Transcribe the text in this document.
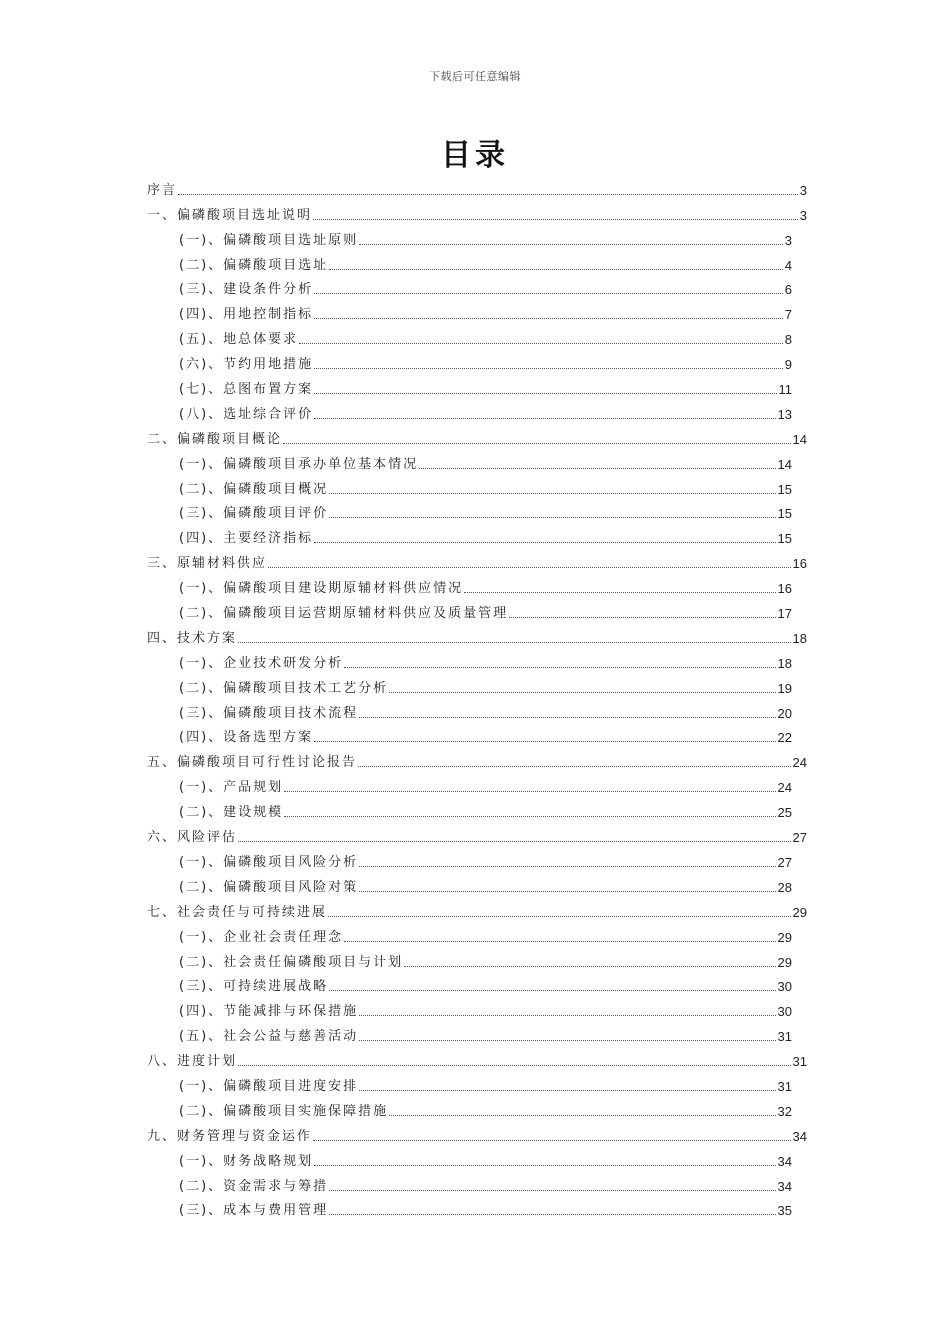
下载后可任意编辑
目录
序言	3
一、偏磷酸项目选址说明	3
(一)、偏磷酸项目选址原则	3
(二)、偏磷酸项目选址	4
(三)、建设条件分析	6
(四)、用地控制指标	7
(五)、地总体要求	8
(六)、节约用地措施	9
(七)、总图布置方案	11
(八)、选址综合评价	13
二、偏磷酸项目概论	14
(一)、偏磷酸项目承办单位基本情况	14
(二)、偏磷酸项目概况	15
(三)、偏磷酸项目评价	15
(四)、主要经济指标	15
三、原辅材料供应	16
(一)、偏磷酸项目建设期原辅材料供应情况	16
(二)、偏磷酸项目运营期原辅材料供应及质量管理	17
四、技术方案	18
(一)、企业技术研发分析	18
(二)、偏磷酸项目技术工艺分析	19
(三)、偏磷酸项目技术流程	20
(四)、设备选型方案	22
五、偏磷酸项目可行性讨论报告	24
(一)、产品规划	24
(二)、建设规模	25
六、风险评估	27
(一)、偏磷酸项目风险分析	27
(二)、偏磷酸项目风险对策	28
七、社会责任与可持续进展	29
(一)、企业社会责任理念	29
(二)、社会责任偏磷酸项目与计划	29
(三)、可持续进展战略	30
(四)、节能减排与环保措施	30
(五)、社会公益与慈善活动	31
八、进度计划	31
(一)、偏磷酸项目进度安排	31
(二)、偏磷酸项目实施保障措施	32
九、财务管理与资金运作	34
(一)、财务战略规划	34
(二)、资金需求与筹措	34
(三)、成本与费用管理	35
